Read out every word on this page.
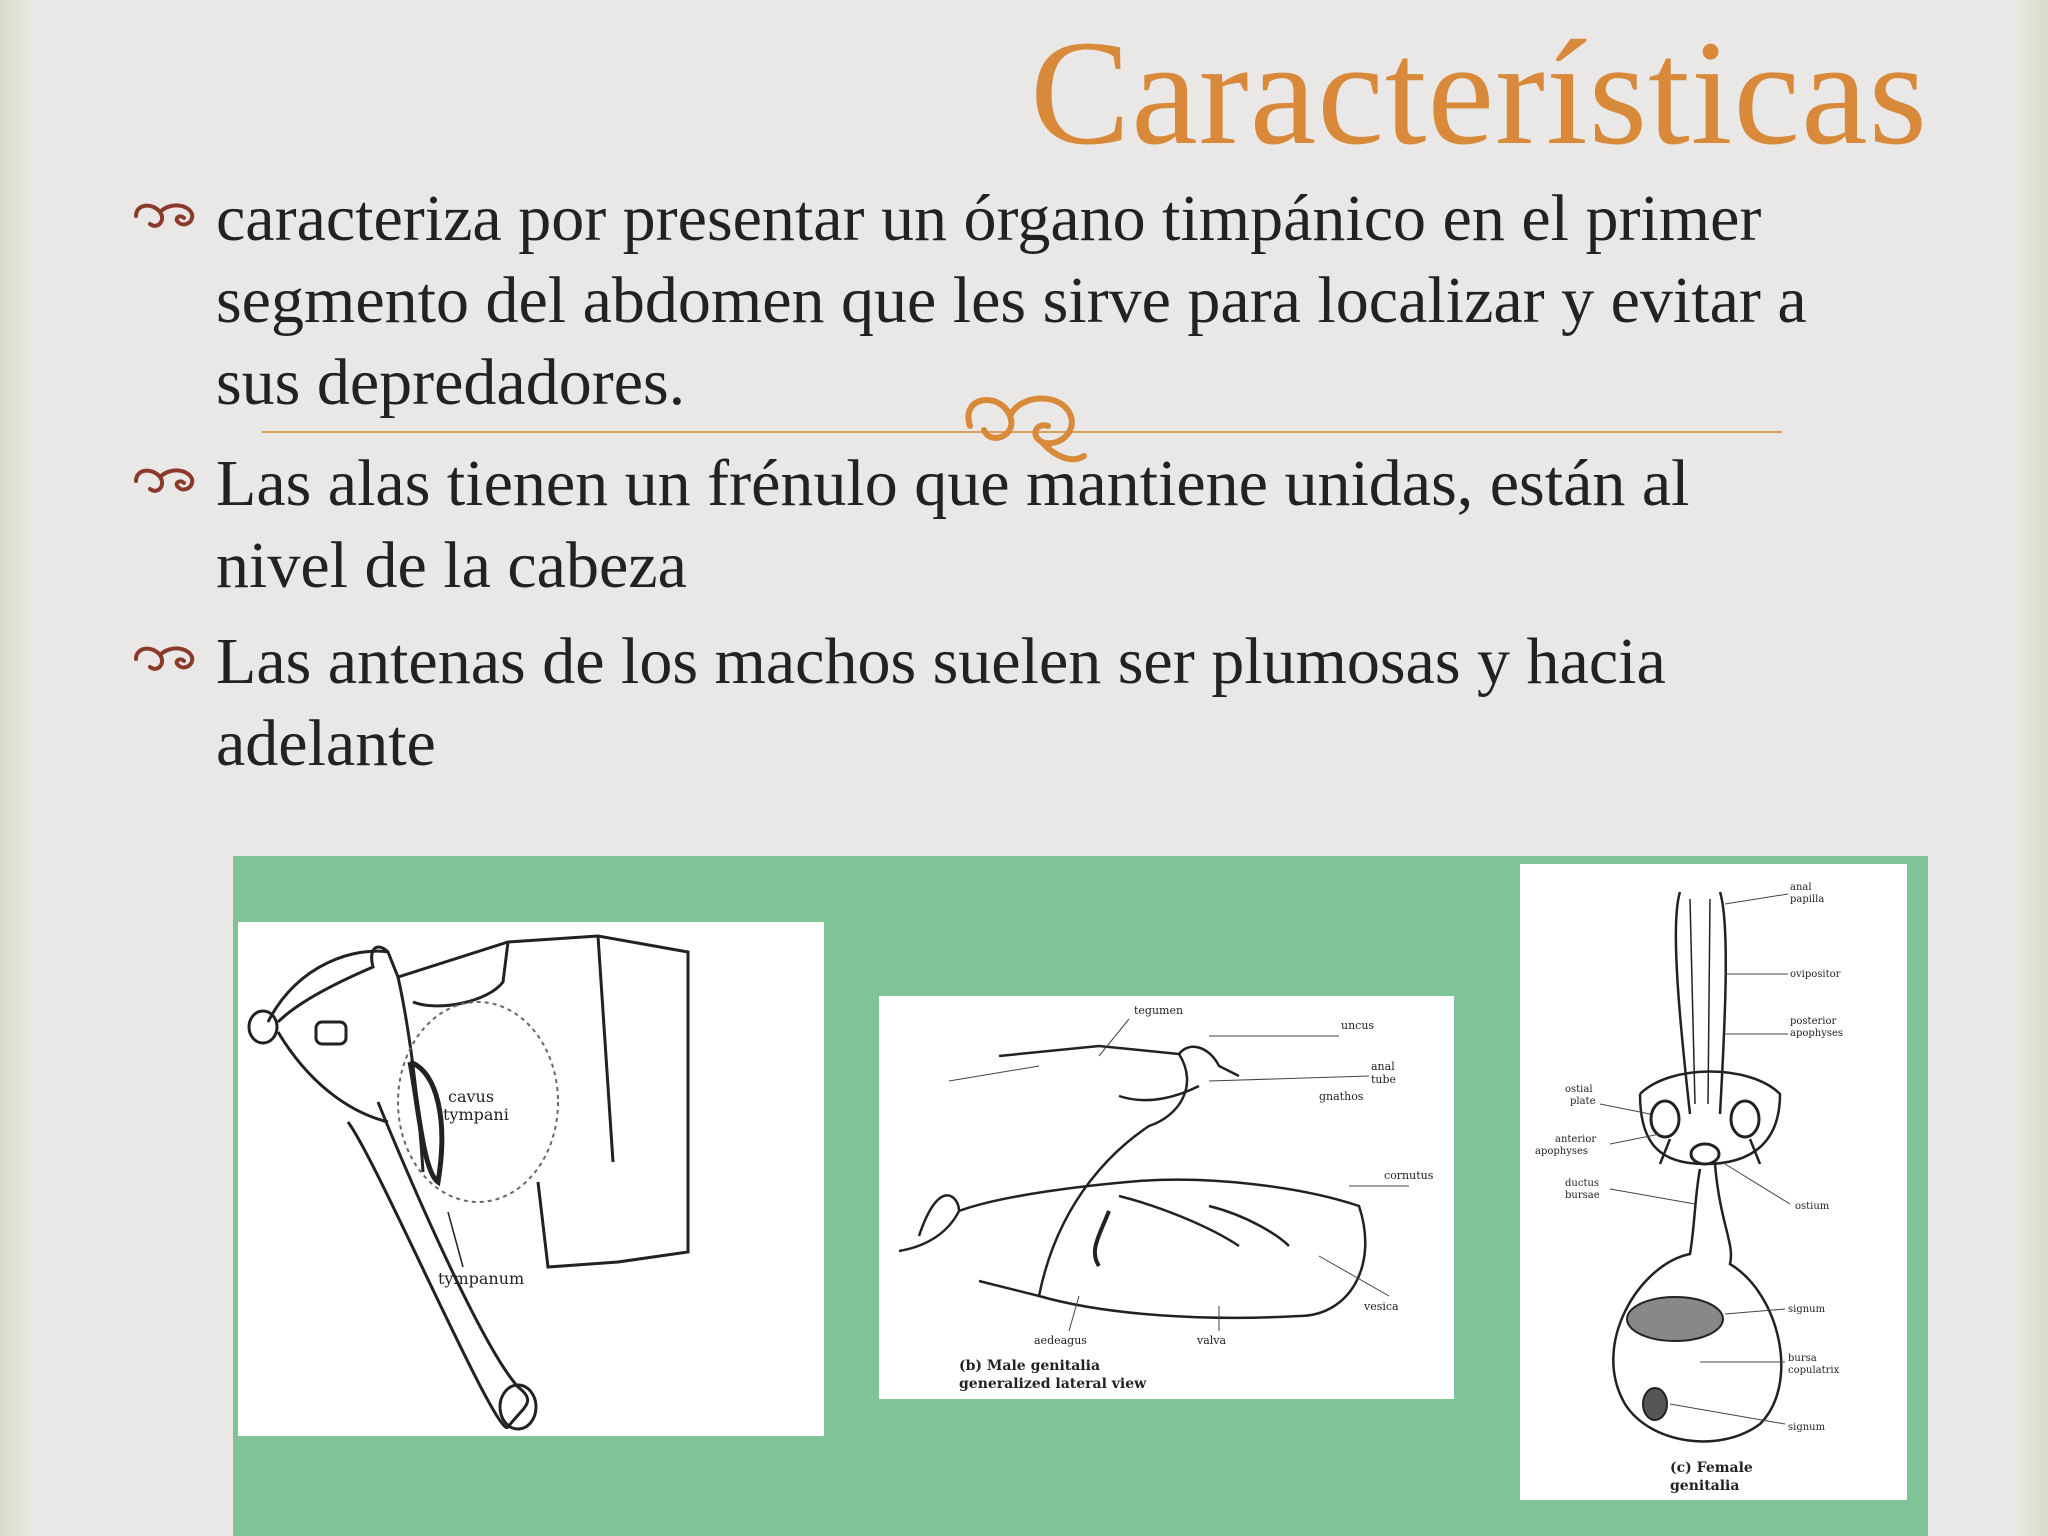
Características
caracteriza por presentar un órgano timpánico en el primer segmento del abdomen que les sirve para localizar y evitar a sus depredadores.
Las alas tienen un frénulo que mantiene unidas, están al nivel de la cabeza
Las antenas de los machos suelen ser plumosas y hacia adelante
cavus
tympani
tympanum
tegumen
uncus
anal
tube
gnathos
cornutus
vesica
aedeagus	valva
(b) Male genitalia
generalized lateral view
anal
papilla
ovipositor
posterior
apophyses
ostial
plate
anterior
apophyses
ductus
bursae
ostium
signum
bursa
copulatrix
signum
(c) Female
genitalia
